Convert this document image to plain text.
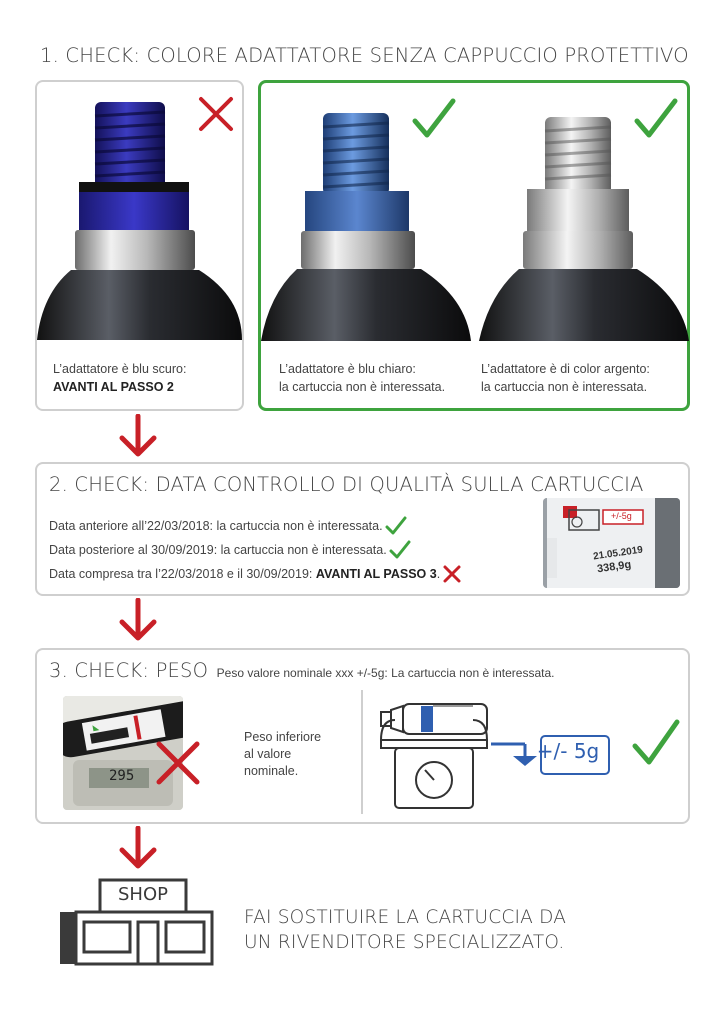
1. CHECK: COLORE ADATTATORE SENZA CAPPUCCIO PROTETTIVO
L’adattatore è blu scuro:
AVANTI AL PASSO 2
L’adattatore è blu chiaro:
la cartuccia non è interessata.
L’adattatore è di color argento:
la cartuccia non è interessata.
2. CHECK: DATA CONTROLLO DI QUALITÀ SULLA CARTUCCIA
Data anteriore all’22/03/2018: la cartuccia non è interessata.
Data posteriore al 30/09/2019: la cartuccia non è interessata.
Data compresa tra l’22/03/2018 e il 30/09/2019: AVANTI AL PASSO 3 .
+/-5g
21.05.2019
338,9g
3. CHECK: PESO Peso valore nominale xxx +/-5g: La cartuccia non è interessata.
295
Peso inferiore
al valore
nominale.
+/- 5g
SHOP
FAI SOSTITUIRE LA CARTUCCIA DA
UN RIVENDITORE SPECIALIZZATO.
